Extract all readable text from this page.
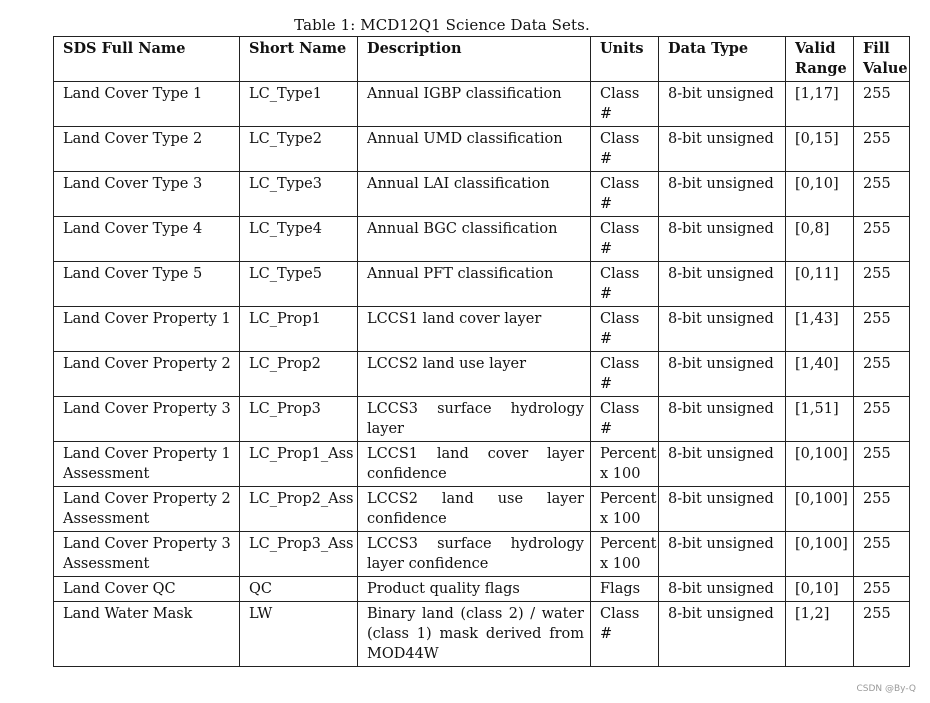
Table 1: MCD12Q1 Science Data Sets.
SDS Full Name	Short Name	Description	Units	Data Type	Valid Range	Fill Value
Land Cover Type 1	LC_Type1	Annual IGBP classification	Class #	8-bit unsigned	[1,17]	255
Land Cover Type 2	LC_Type2	Annual UMD classification	Class #	8-bit unsigned	[0,15]	255
Land Cover Type 3	LC_Type3	Annual LAI classification	Class #	8-bit unsigned	[0,10]	255
Land Cover Type 4	LC_Type4	Annual BGC classification	Class #	8-bit unsigned	[0,8]	255
Land Cover Type 5	LC_Type5	Annual PFT classification	Class #	8-bit unsigned	[0,11]	255
Land Cover Property 1	LC_Prop1	LCCS1 land cover layer	Class #	8-bit unsigned	[1,43]	255
Land Cover Property 2	LC_Prop2	LCCS2 land use layer	Class #	8-bit unsigned	[1,40]	255
Land Cover Property 3	LC_Prop3	LCCS3 surface hydrology layer	Class #	8-bit unsigned	[1,51]	255
Land Cover Property 1 Assessment	LC_Prop1_Ass	LCCS1 land cover layer confidence	Percent x 100	8-bit unsigned	[0,100]	255
Land Cover Property 2 Assessment	LC_Prop2_Ass	LCCS2 land use layer confidence	Percent x 100	8-bit unsigned	[0,100]	255
Land Cover Property 3 Assessment	LC_Prop3_Ass	LCCS3 surface hydrology layer confidence	Percent x 100	8-bit unsigned	[0,100]	255
Land Cover QC	QC	Product quality flags	Flags	8-bit unsigned	[0,10]	255
Land Water Mask	LW	Binary land (class 2) / water (class 1) mask derived from MOD44W	Class #	8-bit unsigned	[1,2]	255
CSDN @By-Q
